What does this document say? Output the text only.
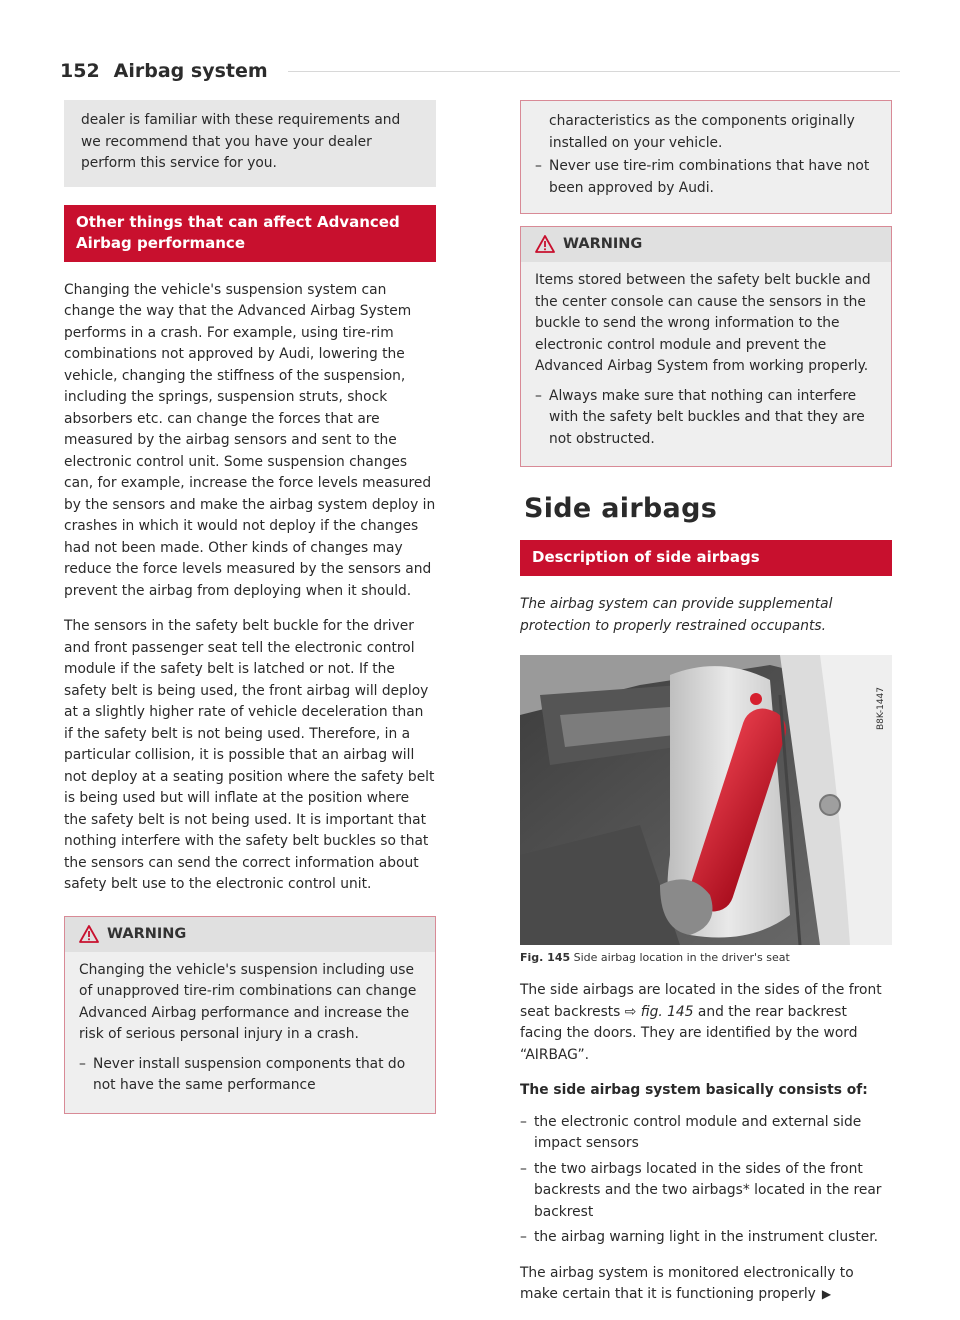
152 Airbag system

dealer is familiar with these requirements and we recommend that you have your dealer perform this service for you.

Other things that can affect Advanced Airbag performance

Changing the vehicle's suspension system can change the way that the Advanced Airbag System performs in a crash. For example, using tire-rim combinations not approved by Audi, lowering the vehicle, changing the stiffness of the suspension, including the springs, suspension struts, shock absorbers etc. can change the forces that are measured by the airbag sensors and sent to the electronic control unit. Some suspension changes can, for example, increase the force levels measured by the sensors and make the airbag system deploy in crashes in which it would not deploy if the changes had not been made. Other kinds of changes may reduce the force levels measured by the sensors and prevent the airbag from deploying when it should.

The sensors in the safety belt buckle for the driver and front passenger seat tell the electronic control module if the safety belt is latched or not. If the safety belt is being used, the front airbag will deploy at a slightly higher rate of vehicle deceleration than if the safety belt is not being used. Therefore, in a particular collision, it is possible that an airbag will not deploy at a seating position where the safety belt is being used but will inflate at the position where the safety belt is not being used. It is important that nothing interfere with the safety belt buckles so that the sensors can send the correct information about safety belt use to the electronic control unit.

WARNING

Changing the vehicle's suspension including use of unapproved tire-rim combinations can change Advanced Airbag performance and increase the risk of serious personal injury in a crash.

– Never install suspension components that do not have the same performance

characteristics as the components originally installed on your vehicle.

– Never use tire-rim combinations that have not been approved by Audi.
WARNING

Items stored between the safety belt buckle and the center console can cause the sensors in the buckle to send the wrong information to the electronic control module and prevent the Advanced Airbag System from working properly.

– Always make sure that nothing can interfere with the safety belt buckles and that they are not obstructed.
Side airbags
Description of side airbags

The airbag system can provide supplemental protection to properly restrained occupants.

B8K-1447
Fig. 145 Side airbag location in the driver's seat

The side airbags are located in the sides of the front seat backrests ⇨ fig. 145 and the rear backrest facing the doors. They are identified by the word “AIRBAG”.

The side airbag system basically consists of:

– the electronic control module and external side impact sensors
– the two airbags located in the sides of the front backrests and the two airbags* located in the rear backrest
– the airbag warning light in the instrument cluster.

The airbag system is monitored electronically to make certain that it is functioning properly ▶
